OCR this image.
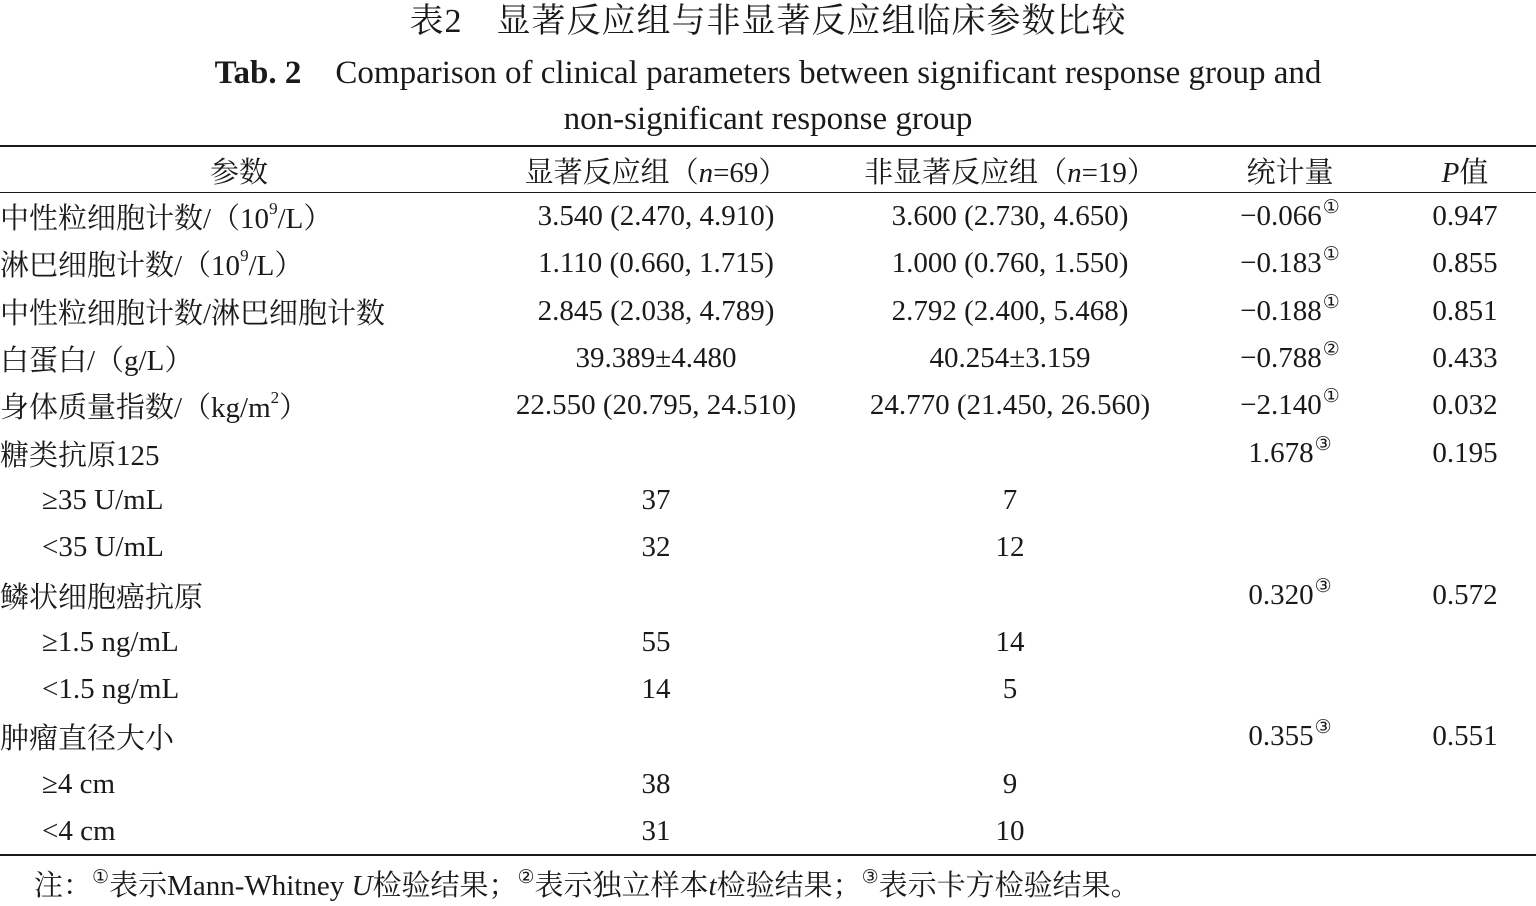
表2 显著反应组与非显著反应组临床参数比较
Tab. 2 Comparison of clinical parameters between significant response group and
non-significant response group
参数	显著反应组（n=69）	非显著反应组（n=19）	统计量	P值
中性粒细胞计数$/(10^9/L)$	3.540 (2.470, 4.910)	3.600 (2.730, 4.650)	−0.066①	0.947
淋巴细胞计数$/(10^9/L)$	1.110 (0.660, 1.715)	1.000 (0.760, 1.550)	−0.183①	0.855
中性粒细胞计数/淋巴细胞计数	2.845 (2.038, 4.789)	2.792 (2.400, 5.468)	−0.188①	0.851
白蛋白/（g/L）	39.389±4.480	40.254±3.159	−0.788②	0.433
身体质量指数$/(kg/m^2)$	22.550 (20.795, 24.510)	24.770 (21.450, 26.560)	−2.140①	0.032
糖类抗原125			1.678③	0.195
≥35 U/mL	37	7		
<35 U/mL	32	12		
鳞状细胞癌抗原			0.320③	0.572
≥1.5 ng/mL	55	14		
<1.5 ng/mL	14	5		
肿瘤直径大小			0.355③	0.551
≥4 cm	38	9		
<4 cm	31	10		
注：①表示Mann-Whitney U检验结果；②表示独立样本t检验结果；③表示卡方检验结果。
